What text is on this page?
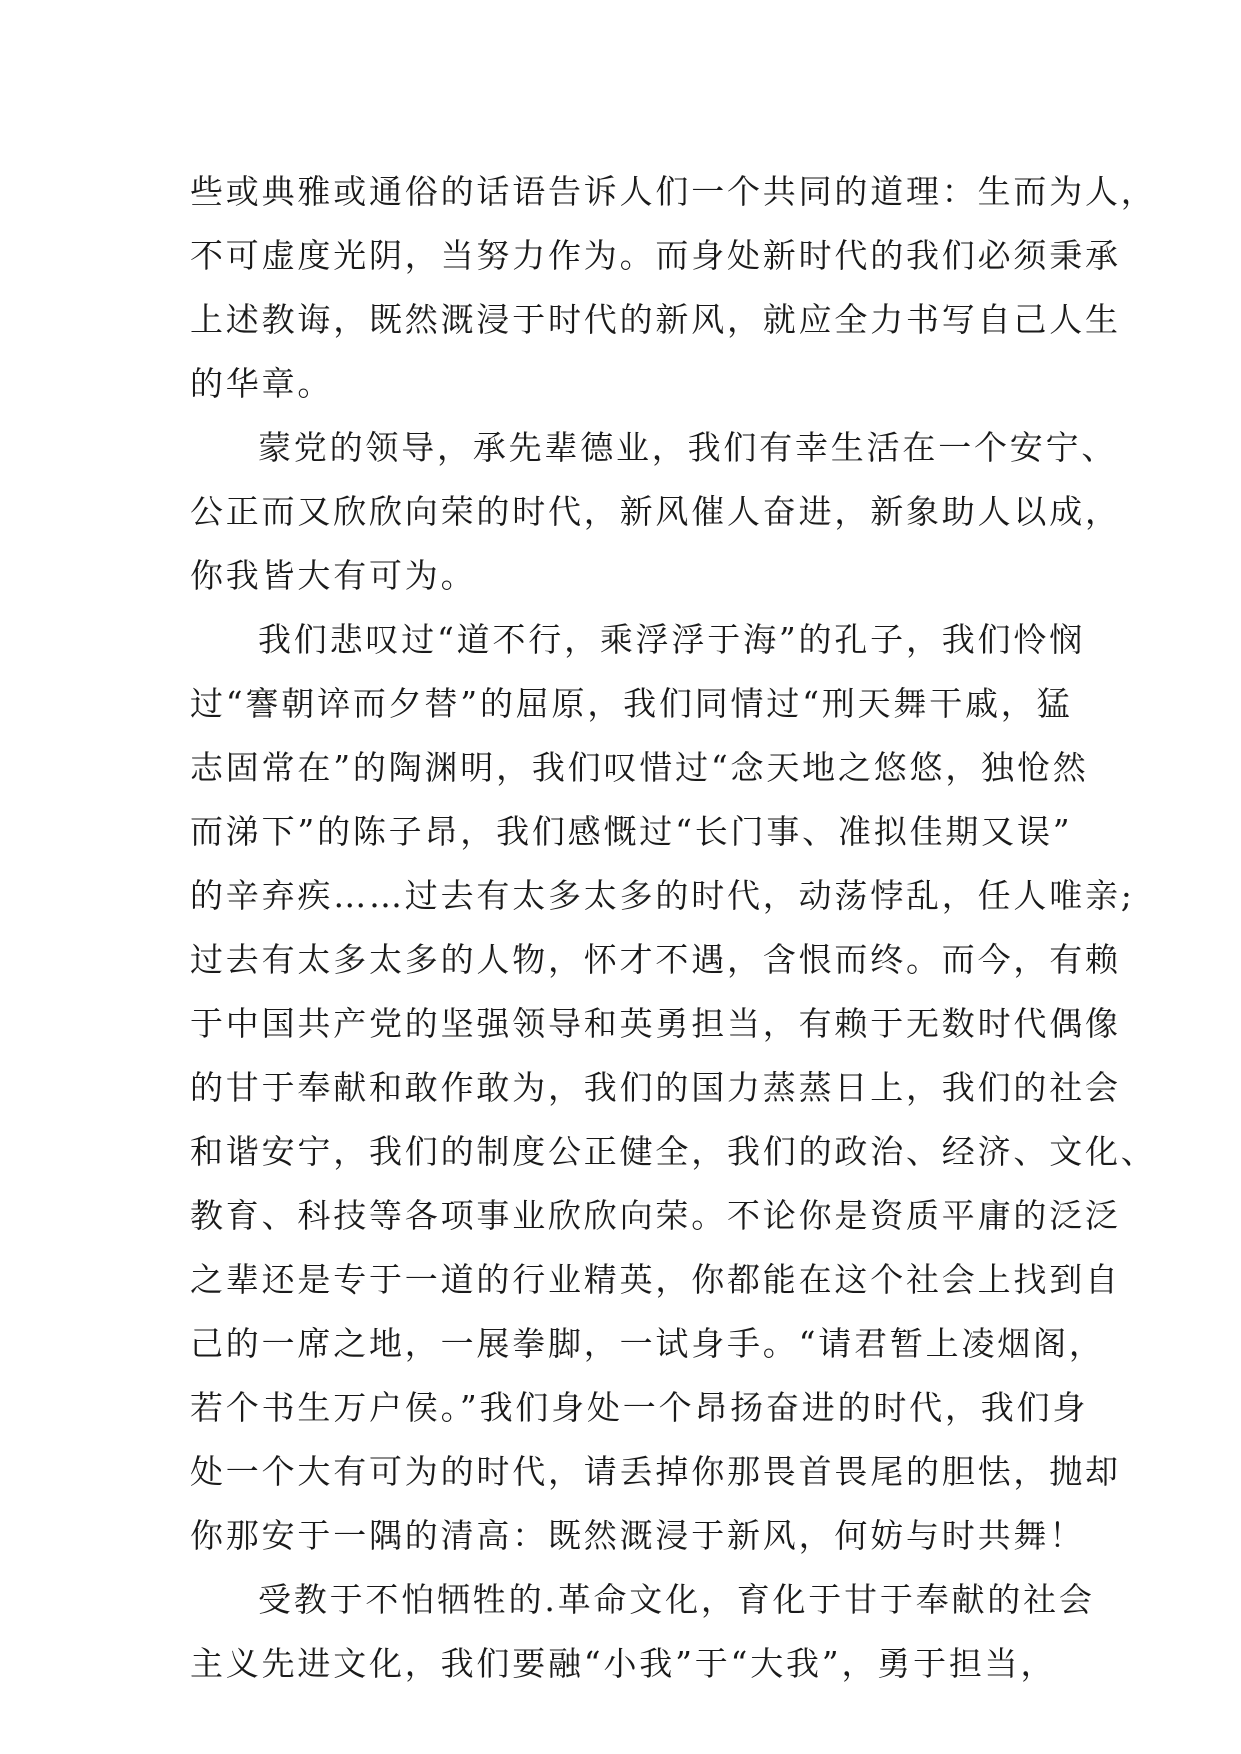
些或典雅或通俗的话语告诉人们一个共同的道理：生而为人，
不可虚度光阴，当努力作为。而身处新时代的我们必须秉承
上述教诲，既然溉浸于时代的新风，就应全力书写自己人生
的华章。
蒙党的领导，承先辈德业，我们有幸生活在一个安宁、
公正而又欣欣向荣的时代，新风催人奋进，新象助人以成，
你我皆大有可为。
我们悲叹过“道不行，乘浮浮于海”的孔子，我们怜悯
过“謇朝谇而夕替”的屈原，我们同情过“刑天舞干戚，猛
志固常在”的陶渊明，我们叹惜过“念天地之悠悠，独怆然
而涕下”的陈子昂，我们感慨过“长门事、准拟佳期又误”
的辛弃疾……过去有太多太多的时代，动荡悖乱，任人唯亲;
过去有太多太多的人物，怀才不遇，含恨而终。而今，有赖
于中国共产党的坚强领导和英勇担当，有赖于无数时代偶像
的甘于奉献和敢作敢为，我们的国力蒸蒸日上，我们的社会
和谐安宁，我们的制度公正健全，我们的政治、经济、文化、
教育、科技等各项事业欣欣向荣。不论你是资质平庸的泛泛
之辈还是专于一道的行业精英，你都能在这个社会上找到自
己的一席之地，一展拳脚，一试身手。“请君暂上凌烟阁，
若个书生万户侯。”我们身处一个昂扬奋进的时代，我们身
处一个大有可为的时代，请丢掉你那畏首畏尾的胆怯，抛却
你那安于一隅的清高：既然溉浸于新风，何妨与时共舞！
受教于不怕牺牲的.革命文化，育化于甘于奉献的社会
主义先进文化，我们要融“小我”于“大我”，勇于担当，
